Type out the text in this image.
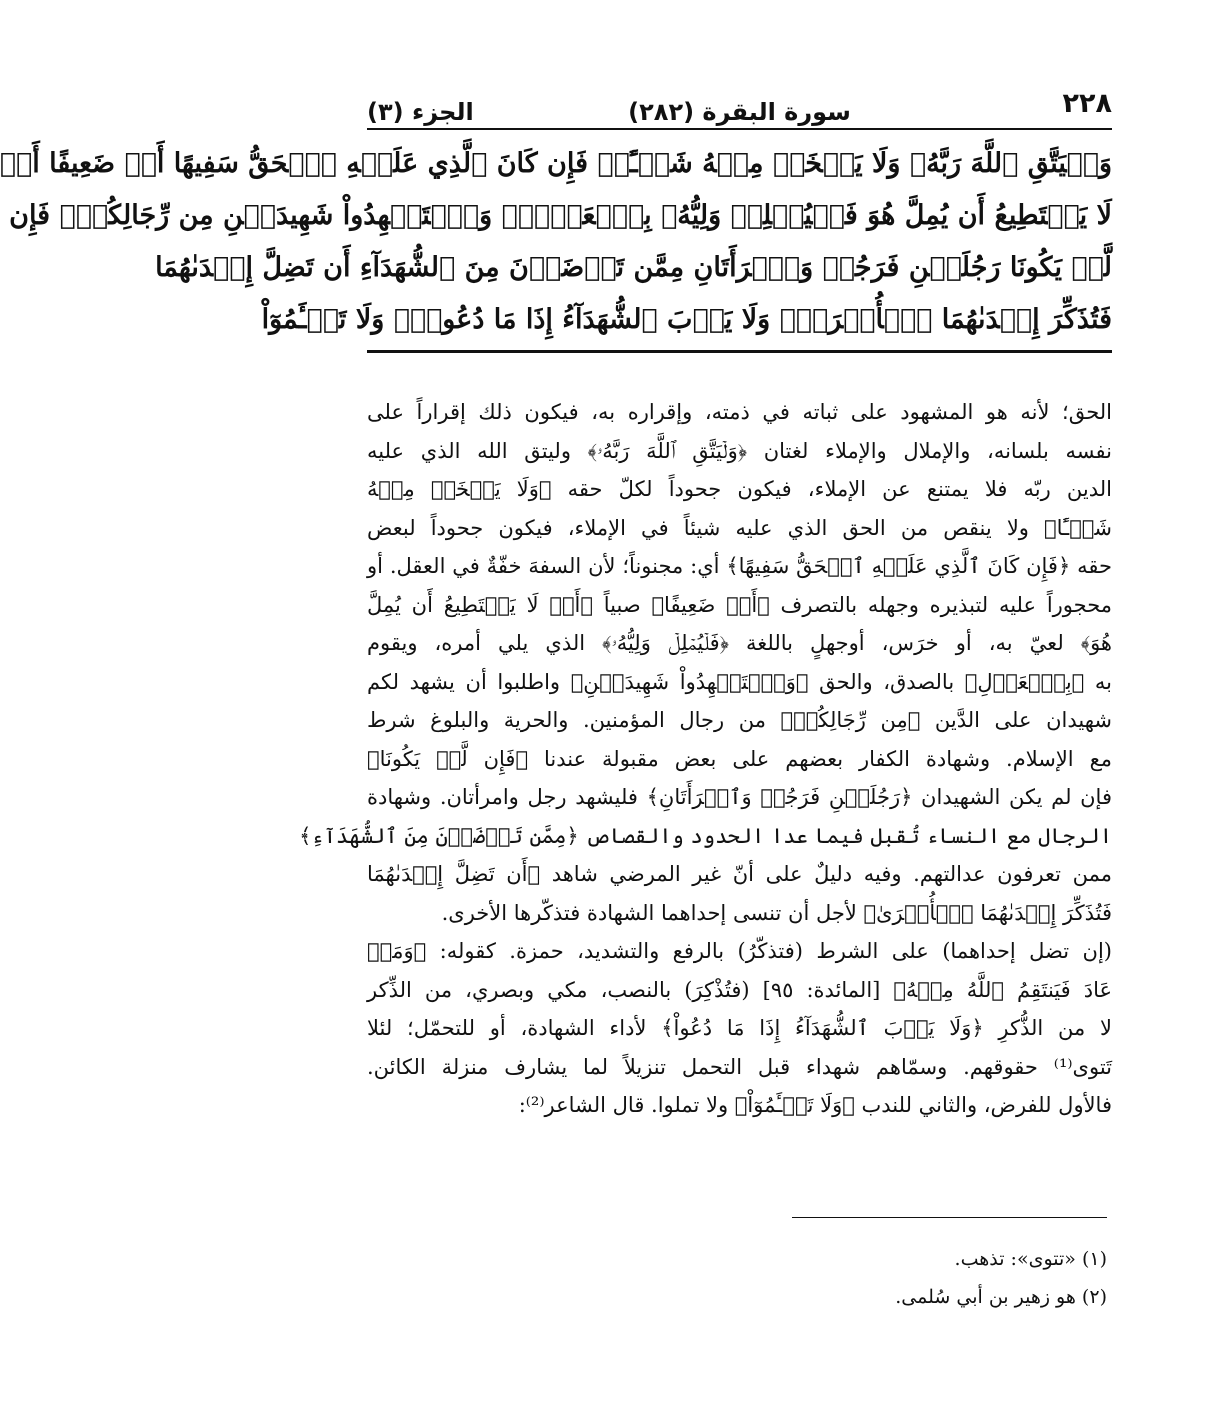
٢٢٨
سورة البقرة (٢٨٢)
الجزء (٣)
وَلۡيَتَّقِ ٱللَّهَ رَبَّهُۥ وَلَا يَبۡخَسۡ مِنۡهُ شَيۡـًٔاۚ فَإِن كَانَ ٱلَّذِي عَلَيۡهِ ٱلۡحَقُّ سَفِيهًا أَوۡ ضَعِيفًا أَوۡ
لَا يَسۡتَطِيعُ أَن يُمِلَّ هُوَ فَلۡيُمۡلِلۡ وَلِيُّهُۥ بِٱلۡعَدۡلِۚ وَٱسۡتَشۡهِدُواْ شَهِيدَيۡنِ مِن رِّجَالِكُمۡۖ فَإِن
لَّمۡ يَكُونَا رَجُلَيۡنِ فَرَجُلٞ وَٱمۡرَأَتَانِ مِمَّن تَرۡضَوۡنَ مِنَ ٱلشُّهَدَآءِ أَن تَضِلَّ إِحۡدَىٰهُمَا
فَتُذَكِّرَ إِحۡدَىٰهُمَا ٱلۡأُخۡرَىٰۚ وَلَا يَأۡبَ ٱلشُّهَدَآءُ إِذَا مَا دُعُواْۚ وَلَا تَسۡـَٔمُوٓاْ
الحق؛ لأنه هو المشهود على ثباته في ذمته، وإقراره به، فيكون ذلك إقراراً على
نفسه بلسانه، والإملال والإملاء لغتان ﴿وَلۡيَتَّقِ ٱللَّهَ رَبَّهُۥ﴾ وليتق الله الذي عليه
الدين ربّه فلا يمتنع عن الإملاء، فيكون جحوداً لكلّ حقه ﴿وَلَا يَبۡخَسۡ مِنۡهُ
شَيۡـًٔا﴾ ولا ينقص من الحق الذي عليه شيئاً في الإملاء، فيكون جحوداً لبعض
حقه ﴿فَإِن كَانَ ٱلَّذِي عَلَيۡهِ ٱلۡحَقُّ سَفِيهًا﴾ أي: مجنوناً؛ لأن السفهَ خفّةٌ في العقل. أو
محجوراً عليه لتبذيره وجهله بالتصرف ﴿أَوۡ ضَعِيفًا﴾ صبياً ﴿أَوۡ لَا يَسۡتَطِيعُ أَن يُمِلَّ
هُوَ﴾ لعيّ به، أو خرَس، أوجهلٍ باللغة ﴿فَلۡيُمۡلِلۡ وَلِيُّهُۥ﴾ الذي يلي أمره، ويقوم
به ﴿بِٱلۡعَدۡلِ﴾ بالصدق، والحق ﴿وَٱسۡتَشۡهِدُواْ شَهِيدَيۡنِ﴾ واطلبوا أن يشهد لكم
شهيدان على الدَّين ﴿مِن رِّجَالِكُمۡ﴾ من رجال المؤمنين. والحرية والبلوغ شرط
مع الإسلام. وشهادة الكفار بعضهم على بعض مقبولة عندنا ﴿فَإِن لَّمۡ يَكُونَا﴾
فإن لم يكن الشهيدان ﴿رَجُلَيۡنِ فَرَجُلٞ وَٱمۡرَأَتَانِ﴾ فليشهد رجل وامرأتان. وشهادة
الرجال مع النساء تُقبل فيما عدا الحدود والقصاص ﴿مِمَّن تَرۡضَوۡنَ مِنَ ٱلشُّهَدَآءِ﴾
ممن تعرفون عدالتهم. وفيه دليلٌ على أنّ غير المرضي شاهد ﴿أَن تَضِلَّ إِحۡدَىٰهُمَا
فَتُذَكِّرَ إِحۡدَىٰهُمَا ٱلۡأُخۡرَىٰ﴾ لأجل أن تنسى إحداهما الشهادة فتذكّرها الأخرى.
(إن تضل إحداهما) على الشرط (فتذكّرُ) بالرفع والتشديد، حمزة. كقوله: ﴿وَمَنۡ
عَادَ فَيَنتَقِمُ ٱللَّهُ مِنۡهُ﴾ [المائدة: ٩٥] (فتُذْكِرَ) بالنصب، مكي وبصري، من الذِّكر
لا من الذُّكرِ ﴿وَلَا يَأۡبَ ٱلشُّهَدَآءُ إِذَا مَا دُعُواْ﴾ لأداء الشهادة، أو للتحمّل؛ لئلا
تَتوى⁽¹⁾ حقوقهم. وسمّاهم شهداء قبل التحمل تنزيلاً لما يشارف منزلة الكائن.
فالأول للفرض، والثاني للندب ﴿وَلَا تَسۡـَٔمُوٓاْ﴾ ولا تملوا. قال الشاعر⁽²⁾:
(١) «تتوى»: تذهب.
(٢) هو زهير بن أبي سُلمى.
